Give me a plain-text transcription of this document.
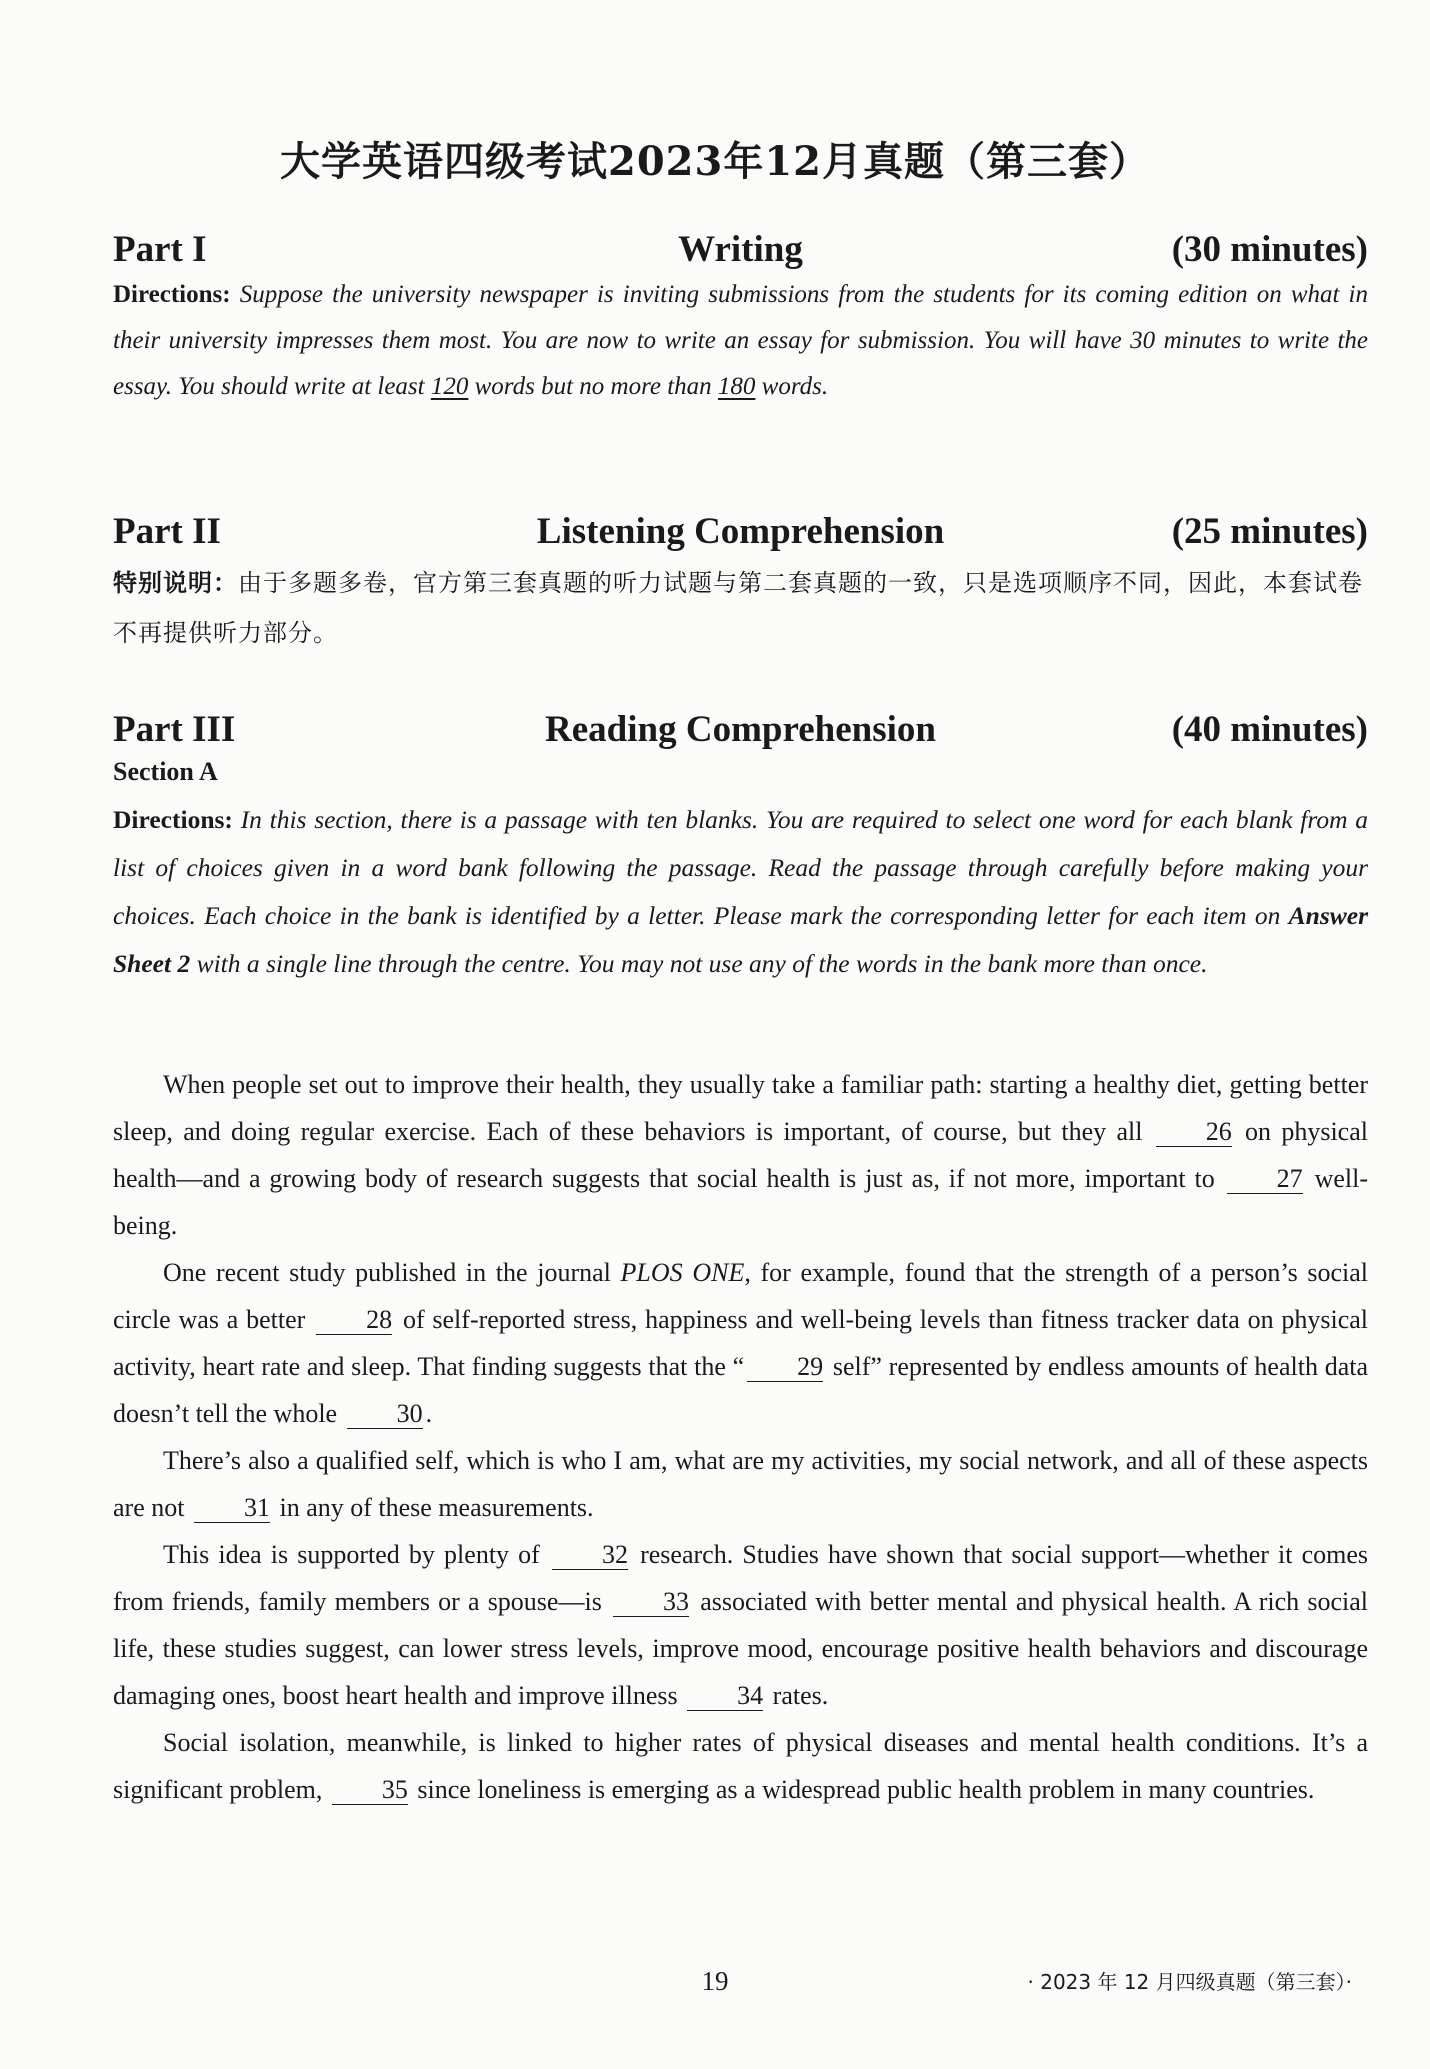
大学英语四级考试2023年12月真题（第三套）
Part I	Writing	(30 minutes)
Directions: Suppose the university newspaper is inviting submissions from the students for its coming edition on what in their university impresses them most. You are now to write an essay for submission. You will have 30 minutes to write the essay. You should write at least 120 words but no more than 180 words.
Part II	Listening Comprehension	(25 minutes)
特别说明：由于多题多卷，官方第三套真题的听力试题与第二套真题的一致，只是选项顺序不同，因此，本套试卷不再提供听力部分。
Part III	Reading Comprehension	(40 minutes)
Section A
Directions: In this section, there is a passage with ten blanks. You are required to select one word for each blank from a list of choices given in a word bank following the passage. Read the passage through carefully before making your choices. Each choice in the bank is identified by a letter. Please mark the corresponding letter for each item on Answer Sheet 2 with a single line through the centre. You may not use any of the words in the bank more than once.

When people set out to improve their health, they usually take a familiar path: starting a healthy diet, getting better sleep, and doing regular exercise. Each of these behaviors is important, of course, but they all 26 on physical health—and a growing body of research suggests that social health is just as, if not more, important to 27 well-being.

One recent study published in the journal PLOS ONE, for example, found that the strength of a person’s social circle was a better 28 of self-reported stress, happiness and well-being levels than fitness tracker data on physical activity, heart rate and sleep. That finding suggests that the “ 29 self” represented by endless amounts of health data doesn’t tell the whole 30 .

There’s also a qualified self, which is who I am, what are my activities, my social network, and all of these aspects are not 31 in any of these measurements.

This idea is supported by plenty of 32 research. Studies have shown that social support—whether it comes from friends, family members or a spouse—is 33 associated with better mental and physical health. A rich social life, these studies suggest, can lower stress levels, improve mood, encourage positive health behaviors and discourage damaging ones, boost heart health and improve illness 34 rates.

Social isolation, meanwhile, is linked to higher rates of physical diseases and mental health conditions. It’s a significant problem, 35 since loneliness is emerging as a widespread public health problem in many countries.

19	· 2023 年 12 月四级真题（第三套）·
